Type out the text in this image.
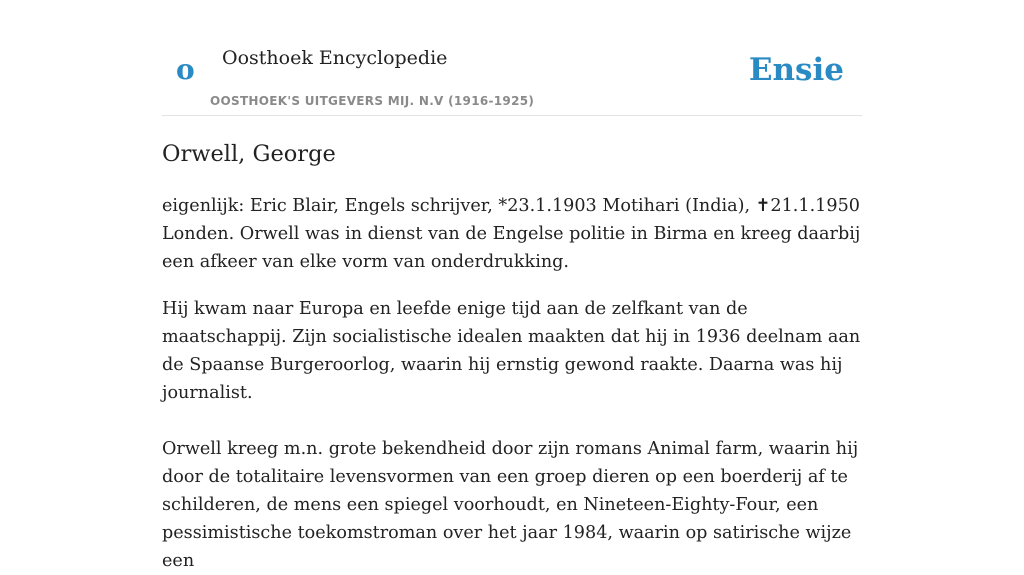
o Oosthoek Encyclopedie
OOSTHOEK'S UITGEVERS MIJ. N.V (1916-1925)
Ensie
Orwell, George

eigenlijk: Eric Blair, Engels schrijver, *23.1.1903 Motihari (India), ✝21.1.1950 Londen. Orwell was in dienst van de Engelse politie in Birma en kreeg daarbij een afkeer van elke vorm van onderdrukking.

Hij kwam naar Europa en leefde enige tijd aan de zelfkant van de maatschappij. Zijn socialistische idealen maakten dat hij in 1936 deelnam aan de Spaanse Burgeroorlog, waarin hij ernstig gewond raakte. Daarna was hij journalist.

Orwell kreeg m.n. grote bekendheid door zijn romans Animal farm, waarin hij door de totalitaire levensvormen van een groep dieren op een boerderij af te schilderen, de mens een spiegel voorhoudt, en Nineteen-Eighty-Four, een pessimistische toekomstroman over het jaar 1984, waarin op satirische wijze een
